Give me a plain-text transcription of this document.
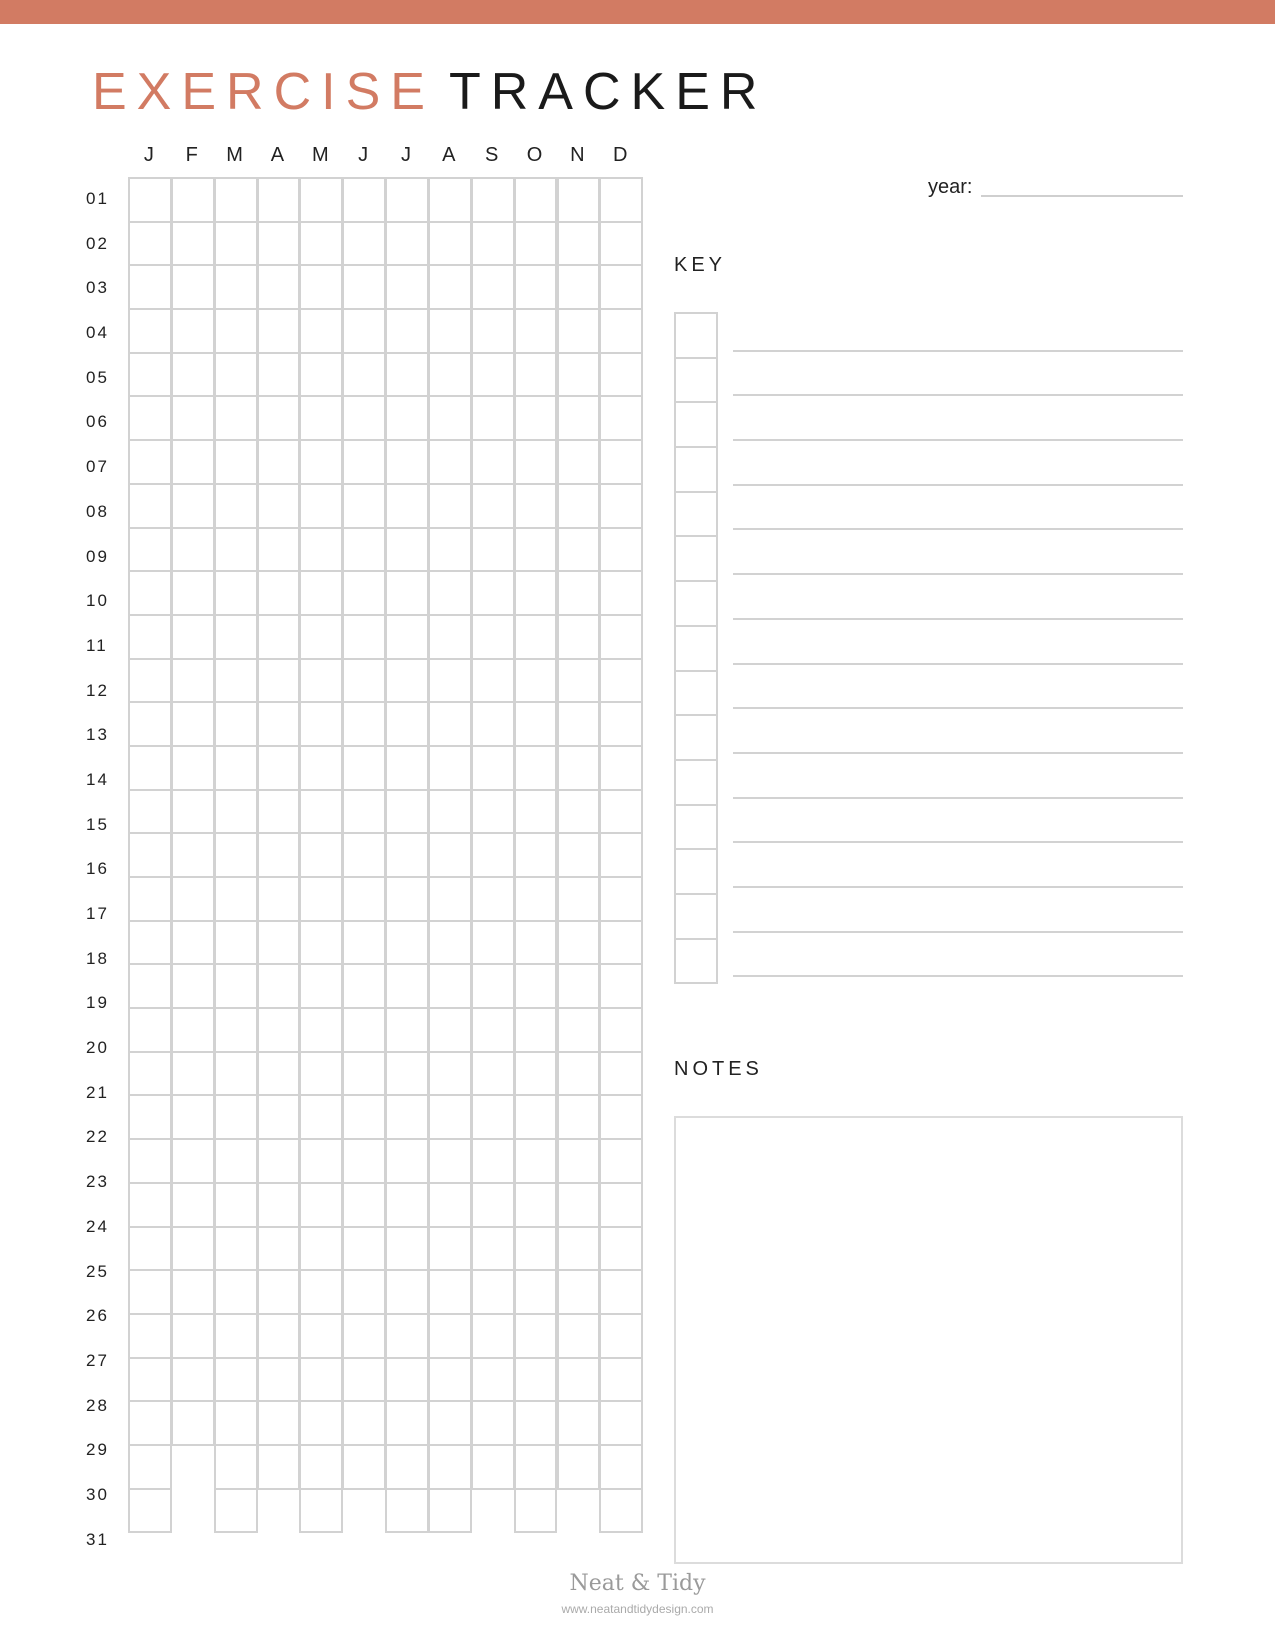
EXERCISE TRACKER
J	F	M	A	M	J	J	A	S	O	N	D
01
02
03
04
05
06
07
08
09
10
11
12
13
14
15
16
17
18
19
20
21
22
23
24
25
26
27
28
29
30
31
year:
KEY
NOTES
Neat & Tidy
www.neatandtidydesign.com
